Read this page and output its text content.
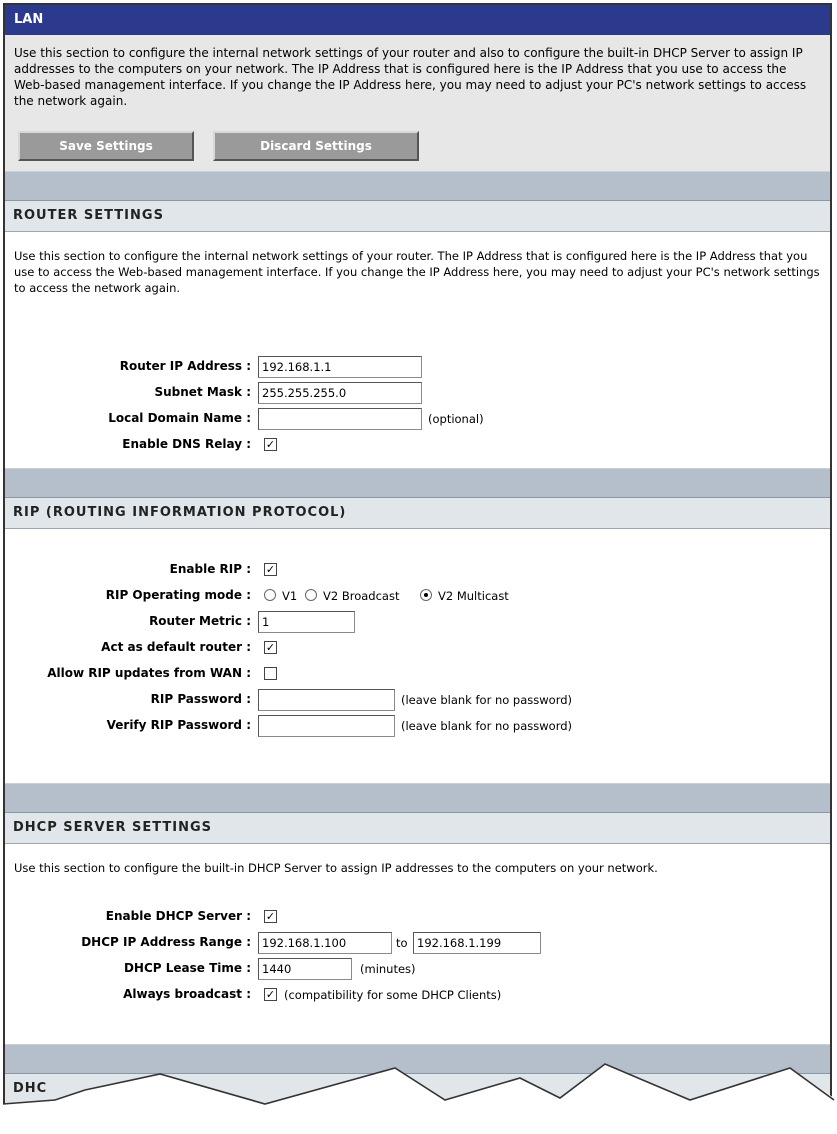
LAN

Use this section to configure the internal network settings of your router and also to configure the built-in DHCP Server to assign IP addresses to the computers on your network. The IP Address that is configured here is the IP Address that you use to access the Web-based management interface. If you change the IP Address here, you may need to adjust your PC's network settings to access the network again.

Save Settings	Discard Settings
ROUTER SETTINGS

Use this section to configure the internal network settings of your router. The IP Address that is configured here is the IP Address that you use to access the Web-based management interface. If you change the IP Address here, you may need to adjust your PC's network settings to access the network again.

Router IP Address :
192.168.1.1
Subnet Mask :
255.255.255.0
Local Domain Name :	(optional)
Enable DNS Relay : ✓
RIP (ROUTING INFORMATION PROTOCOL)
Enable RIP : ✓
RIP Operating mode :	V1 V2 Broadcast	V2 Multicast
Router Metric :
1
Act as default router : ✓
Allow RIP updates from WAN :
RIP Password :	(leave blank for no password)
Verify RIP Password :	(leave blank for no password)
DHCP SERVER SETTINGS

Use this section to configure the built-in DHCP Server to assign IP addresses to the computers on your network.

Enable DHCP Server : ✓
DHCP IP Address Range :
192.168.1.100	to
192.168.1.199
DHCP Lease Time :
1440	(minutes)
Always broadcast : ✓ (compatibility for some DHCP Clients)
DHC
